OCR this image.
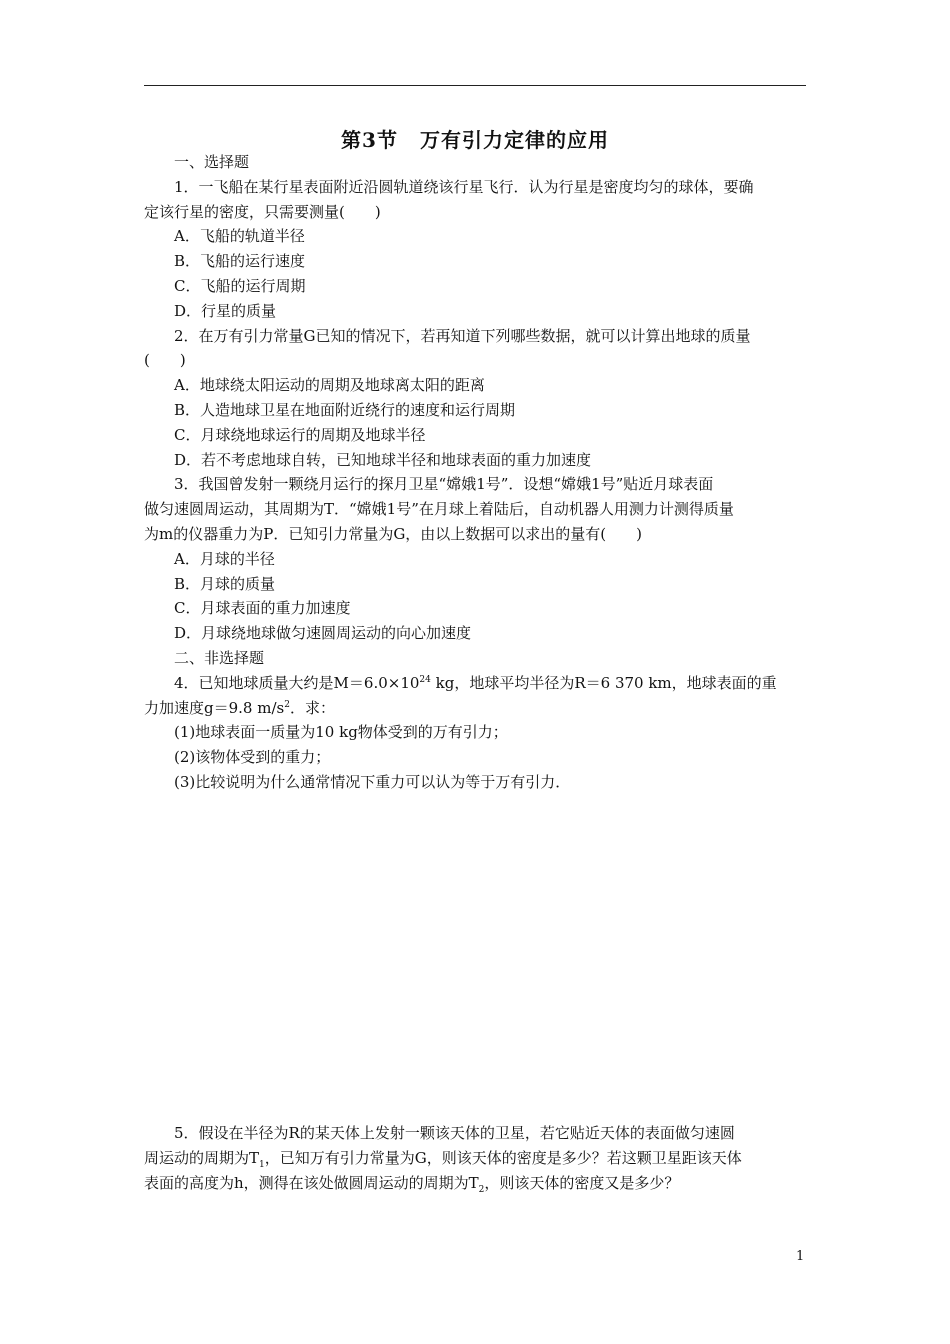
第3节 万有引力定律的应用
一、选择题
1．一飞船在某行星表面附近沿圆轨道绕该行星飞行．认为行星是密度均匀的球体，要确
定该行星的密度，只需要测量(　　)
A．飞船的轨道半径
B．飞船的运行速度
C．飞船的运行周期
D．行星的质量
2．在万有引力常量G已知的情况下，若再知道下列哪些数据，就可以计算出地球的质量
(　　)
A．地球绕太阳运动的周期及地球离太阳的距离
B．人造地球卫星在地面附近绕行的速度和运行周期
C．月球绕地球运行的周期及地球半径
D．若不考虑地球自转，已知地球半径和地球表面的重力加速度
3．我国曾发射一颗绕月运行的探月卫星“嫦娥1号”．设想“嫦娥1号”贴近月球表面
做匀速圆周运动，其周期为T．“嫦娥1号”在月球上着陆后，自动机器人用测力计测得质量
为m的仪器重力为P．已知引力常量为G，由以上数据可以求出的量有(　　)
A．月球的半径
B．月球的质量
C．月球表面的重力加速度
D．月球绕地球做匀速圆周运动的向心加速度
二、非选择题
4．已知地球质量大约是$M=6.0\times 10^{24}$ kg，地球平均半径为R＝6 370 km，地球表面的重
力加速度g＝9.8 $m/s^2$．求：
(1)地球表面一质量为10 kg物体受到的万有引力；
(2)该物体受到的重力；
(3)比较说明为什么通常情况下重力可以认为等于万有引力．
5．假设在半径为R的某天体上发射一颗该天体的卫星，若它贴近天体的表面做匀速圆
周运动的周期为$T_1$，已知万有引力常量为G，则该天体的密度是多少？若这颗卫星距该天体
表面的高度为h，测得在该处做圆周运动的周期为$T_2$，则该天体的密度又是多少？
1
